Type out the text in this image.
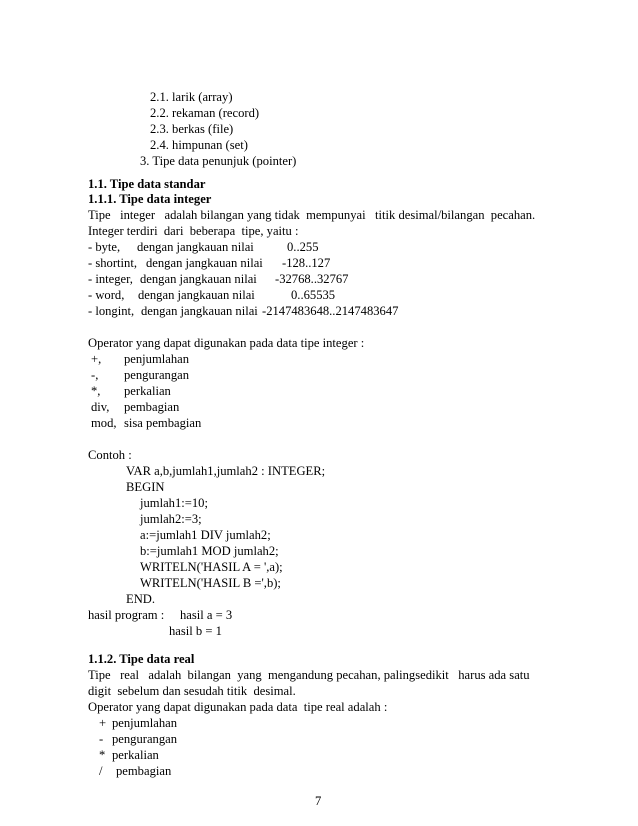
2.1. larik (array)
2.2. rekaman (record)
2.3. berkas (file)
2.4. himpunan (set)
3. Tipe data penunjuk (pointer)
1.1. Tipe data standar
1.1.1. Tipe data integer
Tipe   integer   adalah bilangan yang tidak  mempunyai   titik desimal/bilangan  pecahan.
Integer terdiri  dari  beberapa  tipe, yaitu :
- byte, dengan jangkauan nilai	0..255
- shortint, dengan jangkauan nilai -128..127
- integer, dengan jangkauan nilai -32768..32767
- word, dengan jangkauan nilai	0..65535
- longint, dengan jangkauan nilai -2147483648..2147483647
Operator yang dapat digunakan pada data tipe integer :
+, penjumlahan
-, pengurangan
*, perkalian
div, pembagian
mod, sisa pembagian
Contoh :
VAR a,b,jumlah1,jumlah2 : INTEGER;
BEGIN
jumlah1:=10;
jumlah2:=3;
a:=jumlah1 DIV jumlah2;
b:=jumlah1 MOD jumlah2;
WRITELN('HASIL A = ',a);
WRITELN('HASIL B =',b);
END.
hasil program : hasil a = 3
hasil b = 1
1.1.2. Tipe data real
Tipe   real   adalah  bilangan  yang  mengandung pecahan, palingsedikit   harus ada satu
digit  sebelum dan sesudah titik  desimal.
Operator yang dapat digunakan pada data  tipe real adalah :
+ penjumlahan
- pengurangan
* perkalian
/ pembagian
7
